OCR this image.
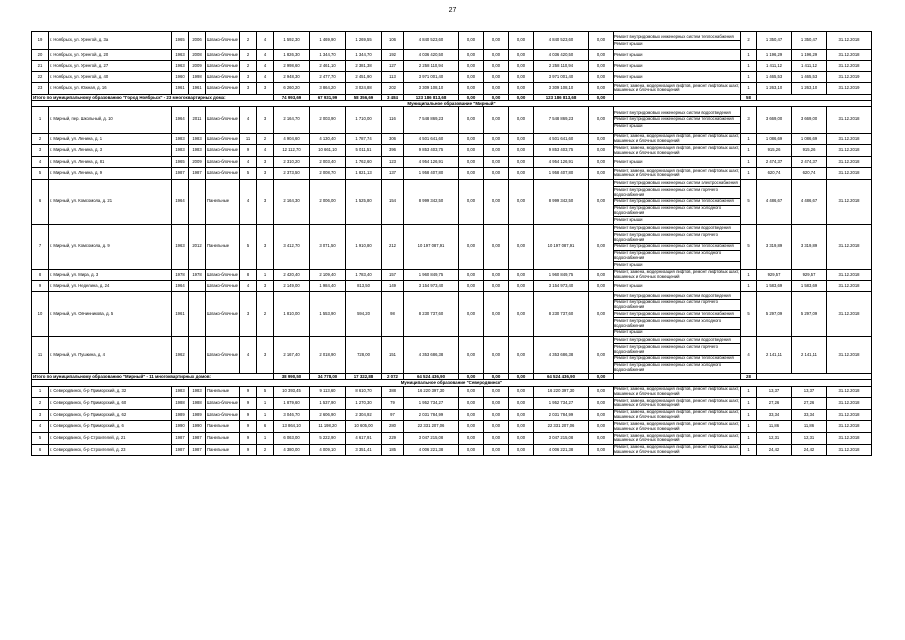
27
19	г. Ноябрьск, ул. Уренгой, д. 3а	1965	2006	Шлако-блочные	2	4	1 592,30	1 469,90	1 269,55	106	4 840 523,60	0,00	0,00	0,00	4 840 523,60	0,00	Ремонт внутридомовых инженерных систем теплоснабжения
Ремонт крыши	2	1 350,47	1 350,47	31.12.2018
20	г. Ноябрьск, ул. Уренгой, д. 20	1963	2008	Шлако-блочные	2	4	1 826,30	1 344,70	1 344,70	192	4 036 420,50	0,00	0,00	0,00	4 036 420,50	0,00	Ремонт крыши	1	1 196,29	1 196,29	31.12.2018
21	г. Ноябрьск, ул. Уренгой, д. 27	1963	2009	Шлако-блочные	2	4	2 998,60	2 461,10	2 381,38	127	2 258 110,94	0,00	0,00	0,00	2 258 110,94	0,00	Ремонт крыши	1	1 411,12	1 411,12	31.12.2018
22	г. Ноябрьск, ул. Уренгой, д. 40	1960	1998	Шлако-блочные	3	4	2 948,30	2 477,70	2 451,90	113	3 971 001,40	0,00	0,00	0,00	3 971 001,40	0,00	Ремонт крыши	1	1 465,53	1 465,53	31.12.2019
23	г. Ноябрьск, ул. Южная, д. 16	1961	1961	Шлако-блочные	3	3	6 260,20	3 864,20	3 024,88	202	3 309 108,10	0,00	0,00	0,00	3 309 108,10	0,00	Ремонт, замена, модернизация лифтов, ремонт лифтовых шахт, машинных и блочных помещений	1	1 263,10	1 263,10	31.12.2019
Итого по муниципальному образованию "Город Ноябрьск" - 23 многоквартирных дома:							74 993,69	67 931,99	58 356,69	3 484	123 186 813,68	0,00	0,00	0,00	123 186 813,68	0,00		58			
Муниципальное образование "Мирный"																					
1	г. Мирный, пер. Школьный, д. 10	1964	2011	Шлако-блочные	4	3	2 164,70	2 003,90	1 710,00	116	7 548 869,23	0,00	0,00	0,00	7 548 869,23	0,00	Ремонт внутридомовых инженерных систем водоотведения
Ремонт внутридомовых инженерных систем теплоснабжения
Ремонт крыши	3	3 669,00	3 669,00	31.12.2018
2	г. Мирный, ул. Ленина, д. 1	1983	1983	Шлако-блочные	11	2	4 904,60	4 130,40	1 787,74	306	4 501 641,60	0,00	0,00	0,00	4 501 641,60	0,00	Ремонт, замена, модернизация лифтов, ремонт лифтовых шахт, машинных и блочных помещений	1	1 086,69	1 086,69	31.12.2018
3	г. Мирный, ул. Ленина, д. 3	1983	1983	Шлако-блочные	9	4	12 112,70	10 661,10	5 011,51	396	9 853 403,75	0,00	0,00	0,00	9 853 403,75	0,00	Ремонт, замена, модернизация лифтов, ремонт лифтовых шахт, машинных и блочных помещений	1	915,26	915,26	31.12.2018
4	г. Мирный, ул. Ленина, д. 81	1965	2009	Шлако-блочные	4	3	2 310,20	2 003,40	1 762,60	123	4 954 126,91	0,00	0,00	0,00	4 954 126,91	0,00	Ремонт крыши	1	2 474,37	2 474,37	31.12.2018
5	г. Мирный, ул. Ленина, д. 9	1987	1987	Шлако-блочные	5	3	2 373,50	2 008,70	1 821,13	137	1 958 407,80	0,00	0,00	0,00	1 958 407,80	0,00	Ремонт, замена, модернизация лифтов, ремонт лифтовых шахт, машинных и блочных помещений	1	620,74	620,74	31.12.2018
6	г. Мирный, ул. Комсомола, д. 21	1964		Панельные	4	3	2 164,30	2 006,00	1 525,80	154	8 999 342,50	0,00	0,00	0,00	8 999 342,50	0,00	Ремонт внутридомовых инженерных систем электроснабжения
Ремонт внутридомовых инженерных систем горячего водоснабжения
Ремонт внутридомовых инженерных систем теплоснабжения
Ремонт внутридомовых инженерных систем холодного водоснабжения
Ремонт крыши	5	4 486,67	4 486,67	31.12.2018
7	г. Мирный, ул. Комсомола, д. 9	1963	2012	Панельные	5	3	3 412,70	3 071,50	1 910,80	212	10 197 087,91	0,00	0,00	0,00	10 197 087,91	0,00	Ремонт внутридомовых инженерных систем водоотведения
Ремонт внутридомовых инженерных систем горячего водоснабжения
Ремонт внутридомовых инженерных систем теплоснабжения
Ремонт внутридомовых инженерных систем холодного водоснабжения
Ремонт крыши	5	3 319,89	3 319,89	31.12.2018
8	г. Мирный, ул. Мира, д. 3	1978	1978	Шлако-блочные	8	1	2 420,40	2 109,40	1 783,40	157	1 960 849,75	0,00	0,00	0,00	1 960 849,75	0,00	Ремонт, замена, модернизация лифтов, ремонт лифтовых шахт, машинных и блочных помещений	1	929,57	929,57	31.12.2018
9	г. Мирный, ул. Неделина, д. 24	1964		Шлако-блочные	4	3	2 149,00	1 984,40	813,50	149	3 154 973,40	0,00	0,00	0,00	3 154 973,40	0,00	Ремонт крыши	1	1 583,69	1 583,69	31.12.2018
10	г. Мирный, ул. Овчинникова, д. 5	1961		Шлако-блочные	3	2	1 810,00	1 553,90	594,20	98	8 230 737,60	0,00	0,00	0,00	8 230 737,60	0,00	Ремонт внутридомовых инженерных систем водоотведения
Ремонт внутридомовых инженерных систем горячего водоснабжения
Ремонт внутридомовых инженерных систем теплоснабжения
Ремонт внутридомовых инженерных систем холодного водоснабжения
Ремонт крыши	5	5 297,09	5 297,09	31.12.2018
11	г. Мирный, ул. Пушкина, д. 4	1962		Шлако-блочные	4	3	2 167,40	2 018,90	728,00	151	4 353 686,38	0,00	0,00	0,00	4 353 686,38	0,00	Ремонт внутридомовых инженерных систем водоотведения
Ремонт внутридомовых инженерных систем горячего водоснабжения
Ремонт внутридомовых инженерных систем теплоснабжения
Ремонт внутридомовых инженерных систем холодного водоснабжения	4	2 141,11	2 141,11	31.12.2018
Итого по муниципальному образованию "Мирный" - 11 многоквартирных домов:							38 990,50	34 778,00	17 322,88	2 072	64 524 436,90	0,00	0,00	0,00	64 524 436,90	0,00		28			
Муниципальное образование "Северодвинск"																					
1	г. Северодвинск, б-р Приморский, д. 32	1983	1983	Панельные	9	5	10 393,45	9 113,60	8 610,70	388	16 220 397,30	0,00	0,00	0,00	16 220 397,30	0,00	Ремонт, замена, модернизация лифтов, ремонт лифтовых шахт, машинных и блочных помещений	1	13,37	13,37	31.12.2018
2	г. Северодвинск, б-р Приморский, д. 60	1988	1988	Шлако-блочные	9	1	1 879,60	1 537,90	1 270,30	79	1 952 734,27	0,00	0,00	0,00	1 952 734,27	0,00	Ремонт, замена, модернизация лифтов, ремонт лифтовых шахт, машинных и блочных помещений	1	27,26	27,26	31.12.2018
3	г. Северодвинск, б-р Приморский, д. 62	1989	1989	Шлако-блочные	9	1	3 046,70	2 606,90	2 304,92	97	2 031 784,99	0,00	0,00	0,00	2 031 784,99	0,00	Ремонт, замена, модернизация лифтов, ремонт лифтовых шахт, машинных и блочных помещений	1	33,34	33,34	31.12.2018
4	г. Северодвинск, б-р Приморский, д. 6	1990	1990	Панельные	9	6	13 864,10	11 198,20	10 605,00	280	22 331 207,06	0,00	0,00	0,00	22 331 207,06	0,00	Ремонт, замена, модернизация лифтов, ремонт лифтовых шахт, машинных и блочных помещений	1	11,86	11,86	31.12.2018
5	г. Северодвинск, б-р Строителей, д. 21	1987	1987	Панельные	9	1	6 063,00	5 222,90	4 617,91	229	3 047 215,08	0,00	0,00	0,00	3 047 215,08	0,00	Ремонт, замена, модернизация лифтов, ремонт лифтовых шахт, машинных и блочных помещений	1	12,31	12,31	31.12.2018
6	г. Северодвинск, б-р Строителей, д. 23	1987	1987	Панельные	9	2	4 380,00	4 009,10	3 351,41	185	4 006 221,38	0,00	0,00	0,00	4 006 221,38	0,00	Ремонт, замена, модернизация лифтов, ремонт лифтовых шахт, машинных и блочных помещений	1	24,42	24,42	31.12.2018
